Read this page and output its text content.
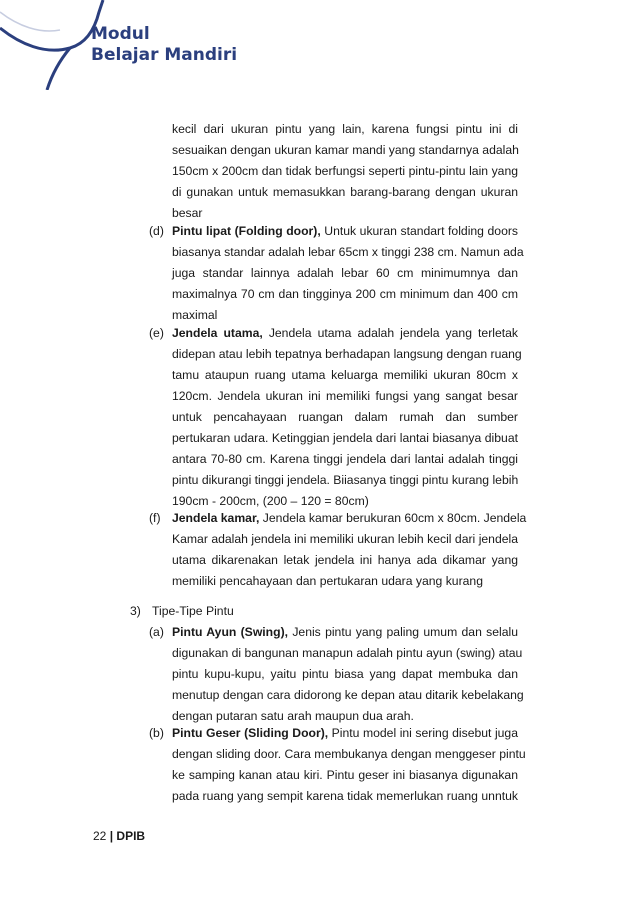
Modul
Belajar Mandiri
kecil dari ukuran pintu yang lain, karena fungsi pintu ini di
sesuaikan dengan ukuran kamar mandi yang standarnya adalah
150cm x 200cm dan tidak berfungsi seperti pintu-pintu lain yang
di gunakan untuk memasukkan barang-barang dengan ukuran
besar
(d) Pintu lipat (Folding door), Untuk ukuran standart folding doors
biasanya standar adalah lebar 65cm x tinggi 238 cm. Namun ada
juga standar lainnya adalah lebar 60 cm minimumnya dan
maximalnya 70 cm dan tingginya 200 cm minimum dan 400 cm
maximal
(e) Jendela utama, Jendela utama adalah jendela yang terletak
didepan atau lebih tepatnya berhadapan langsung dengan ruang
tamu ataupun ruang utama keluarga memiliki ukuran 80cm x
120cm. Jendela ukuran ini memiliki fungsi yang sangat besar
untuk pencahayaan ruangan dalam rumah dan sumber
pertukaran udara. Ketinggian jendela dari lantai biasanya dibuat
antara 70-80 cm. Karena tinggi jendela dari lantai adalah tinggi
pintu dikurangi tinggi jendela. Biiasanya tinggi pintu kurang lebih
190cm - 200cm, (200 – 120 = 80cm)
(f) Jendela kamar, Jendela kamar berukuran 60cm x 80cm. Jendela
Kamar adalah jendela ini memiliki ukuran lebih kecil dari jendela
utama dikarenakan letak jendela ini hanya ada dikamar yang
memiliki pencahayaan dan pertukaran udara yang kurang
3) Tipe-Tipe Pintu
(a) Pintu Ayun (Swing), Jenis pintu yang paling umum dan selalu
digunakan di bangunan manapun adalah pintu ayun (swing) atau
pintu kupu-kupu, yaitu pintu biasa yang dapat membuka dan
menutup dengan cara didorong ke depan atau ditarik kebelakang
dengan putaran satu arah maupun dua arah.
(b) Pintu Geser (Sliding Door), Pintu model ini sering disebut juga
dengan sliding door. Cara membukanya dengan menggeser pintu
ke samping kanan atau kiri. Pintu geser ini biasanya digunakan
pada ruang yang sempit karena tidak memerlukan ruang unntuk
22 | DPIB
